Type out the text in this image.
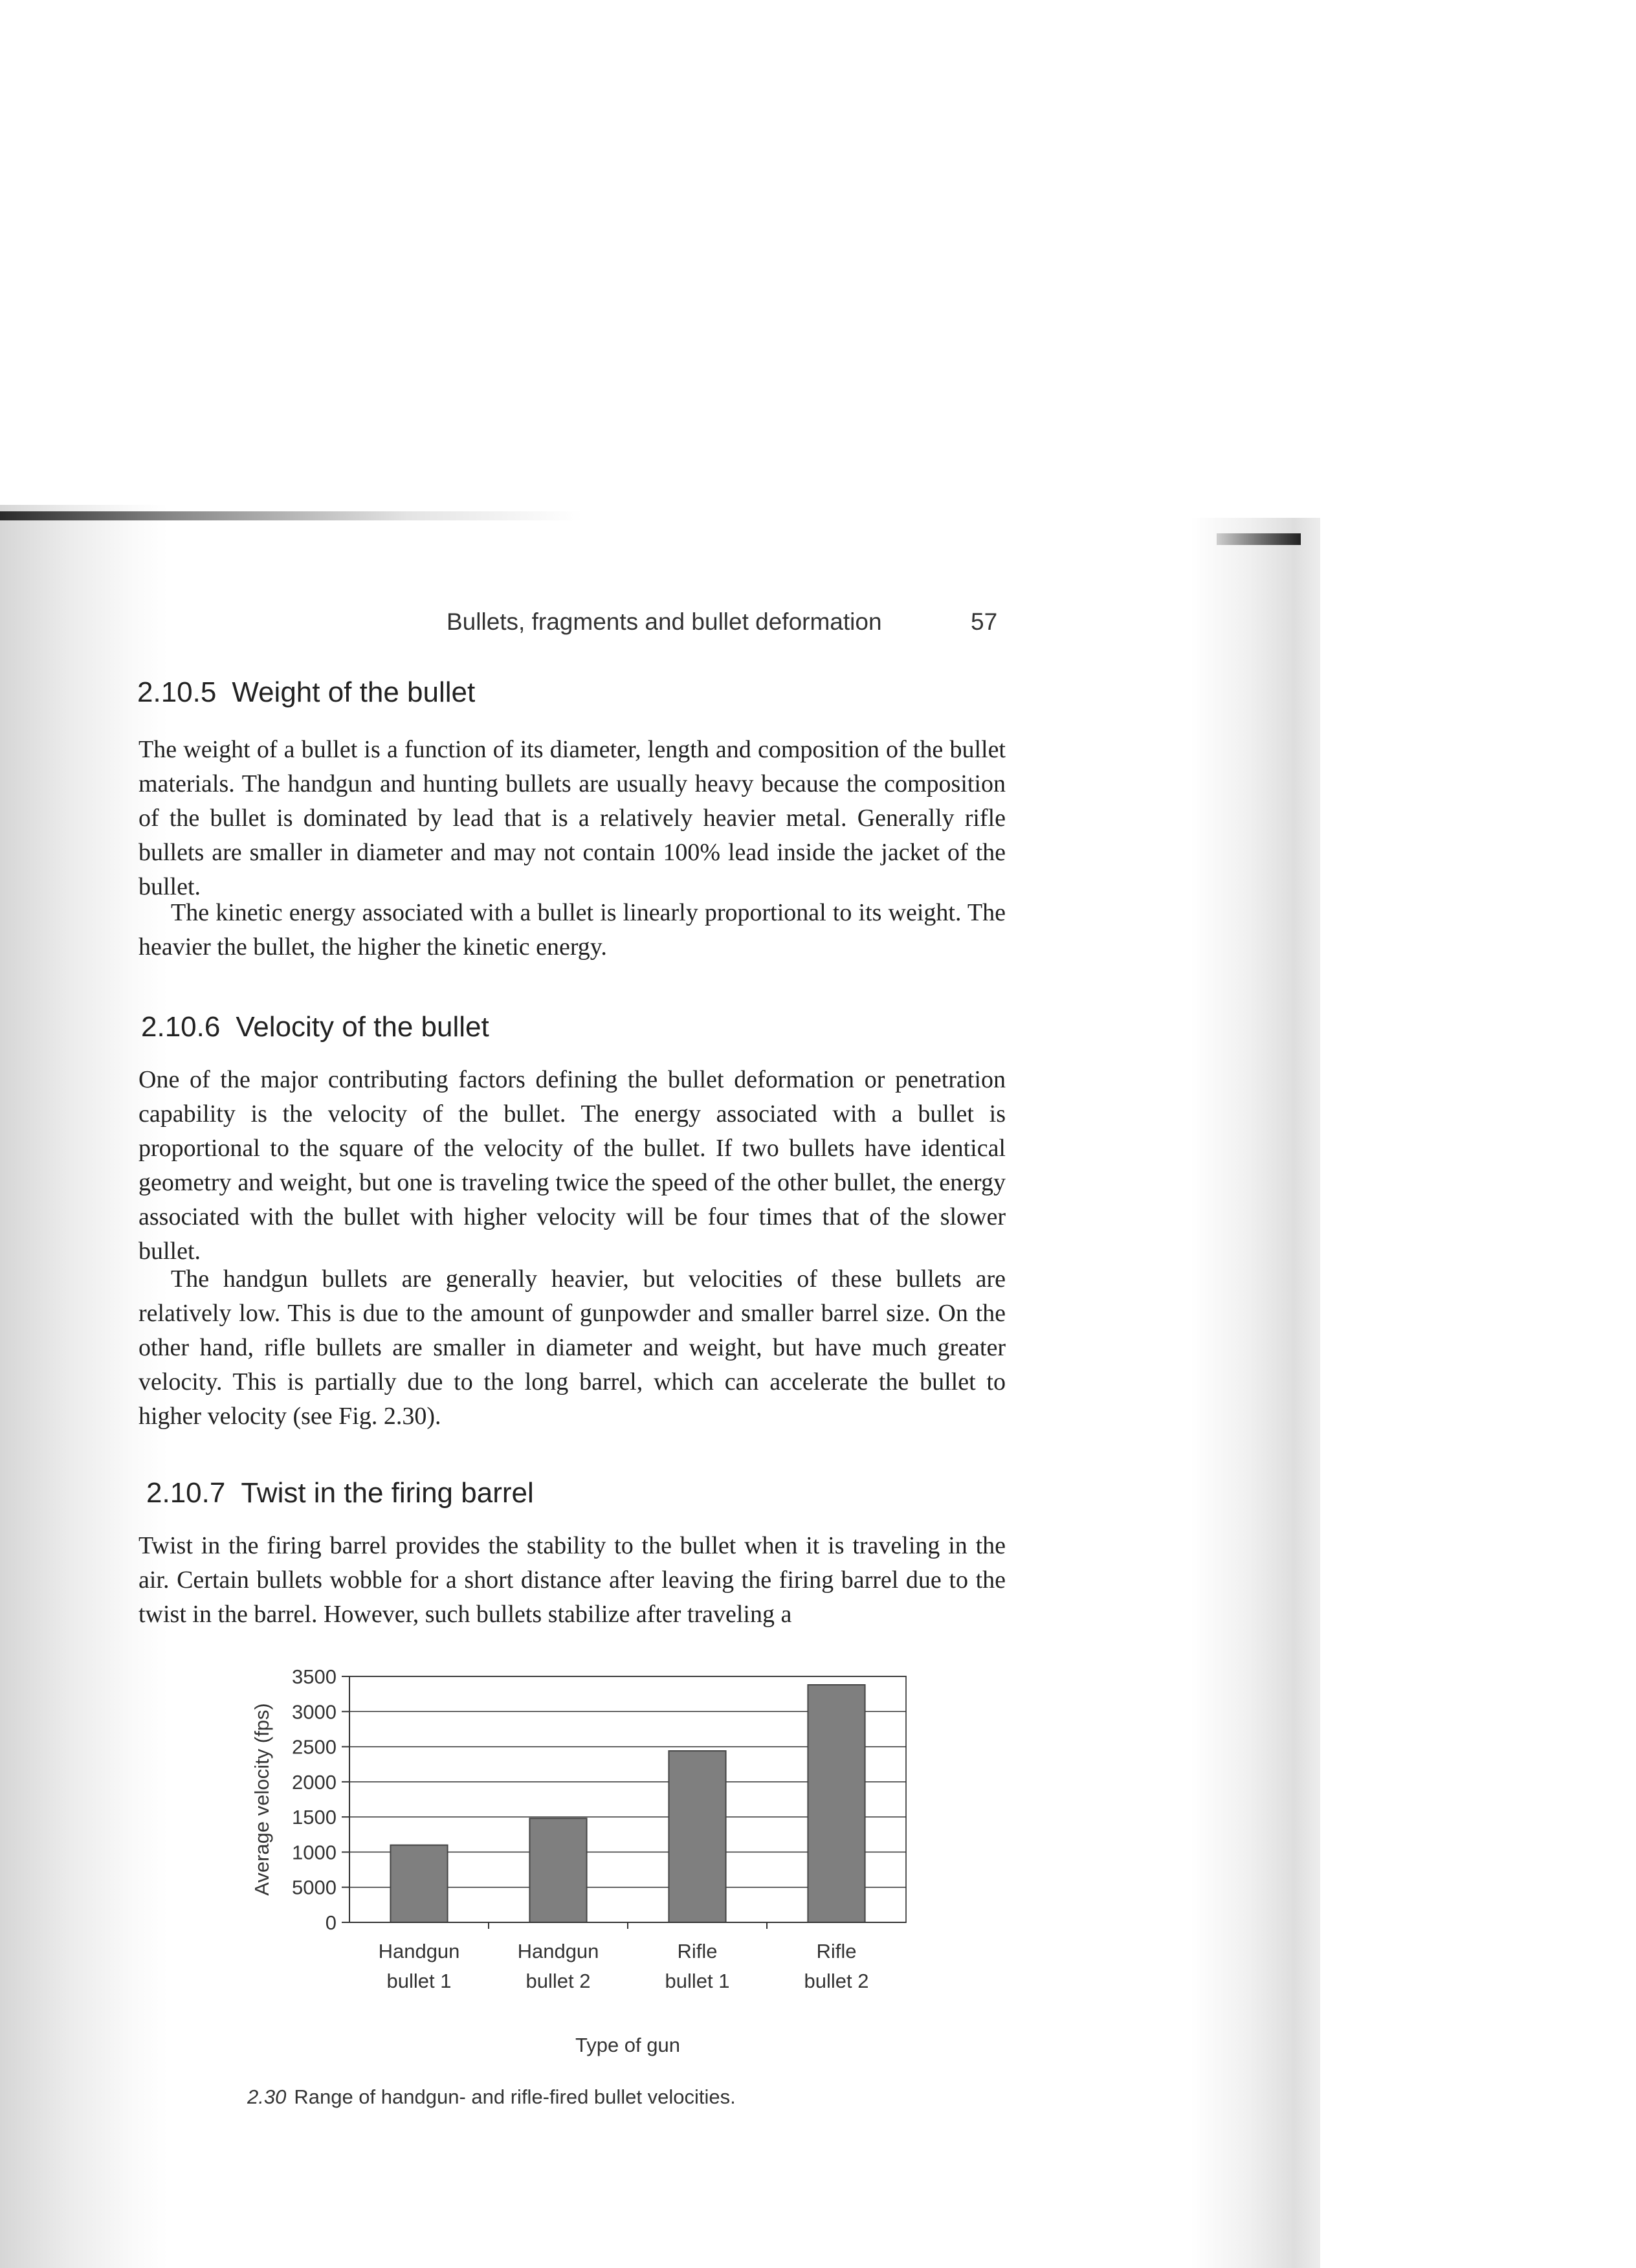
Bullets, fragments and bullet deformation	57
2.10.5 Weight of the bullet
The weight of a bullet is a function of its diameter, length and composition of the bullet materials. The handgun and hunting bullets are usually heavy because the composition of the bullet is dominated by lead that is a relatively heavier metal. Generally rifle bullets are smaller in diameter and may not contain 100% lead inside the jacket of the bullet.
The kinetic energy associated with a bullet is linearly proportional to its weight. The heavier the bullet, the higher the kinetic energy.
2.10.6 Velocity of the bullet
One of the major contributing factors defining the bullet deformation or penetration capability is the velocity of the bullet. The energy associated with a bullet is proportional to the square of the velocity of the bullet. If two bullets have identical geometry and weight, but one is traveling twice the speed of the other bullet, the energy associated with the bullet with higher velocity will be four times that of the slower bullet.
The handgun bullets are generally heavier, but velocities of these bullets are relatively low. This is due to the amount of gunpowder and smaller barrel size. On the other hand, rifle bullets are smaller in diameter and weight, but have much greater velocity. This is partially due to the long barrel, which can accelerate the bullet to higher velocity (see Fig. 2.30).
2.10.7 Twist in the firing barrel
Twist in the firing barrel provides the stability to the bullet when it is traveling in the air. Certain bullets wobble for a short distance after leaving the firing barrel due to the twist in the barrel. However, such bullets stabilize after traveling a
0
5000
1000
1500
2000
2500
3000
3500
Handgun
bullet 1
Handgun
bullet 2
Rifle
bullet 1
Rifle
bullet 2
Average velocity (fps)
Type of gun
2.30 Range of handgun- and rifle-fired bullet velocities.
